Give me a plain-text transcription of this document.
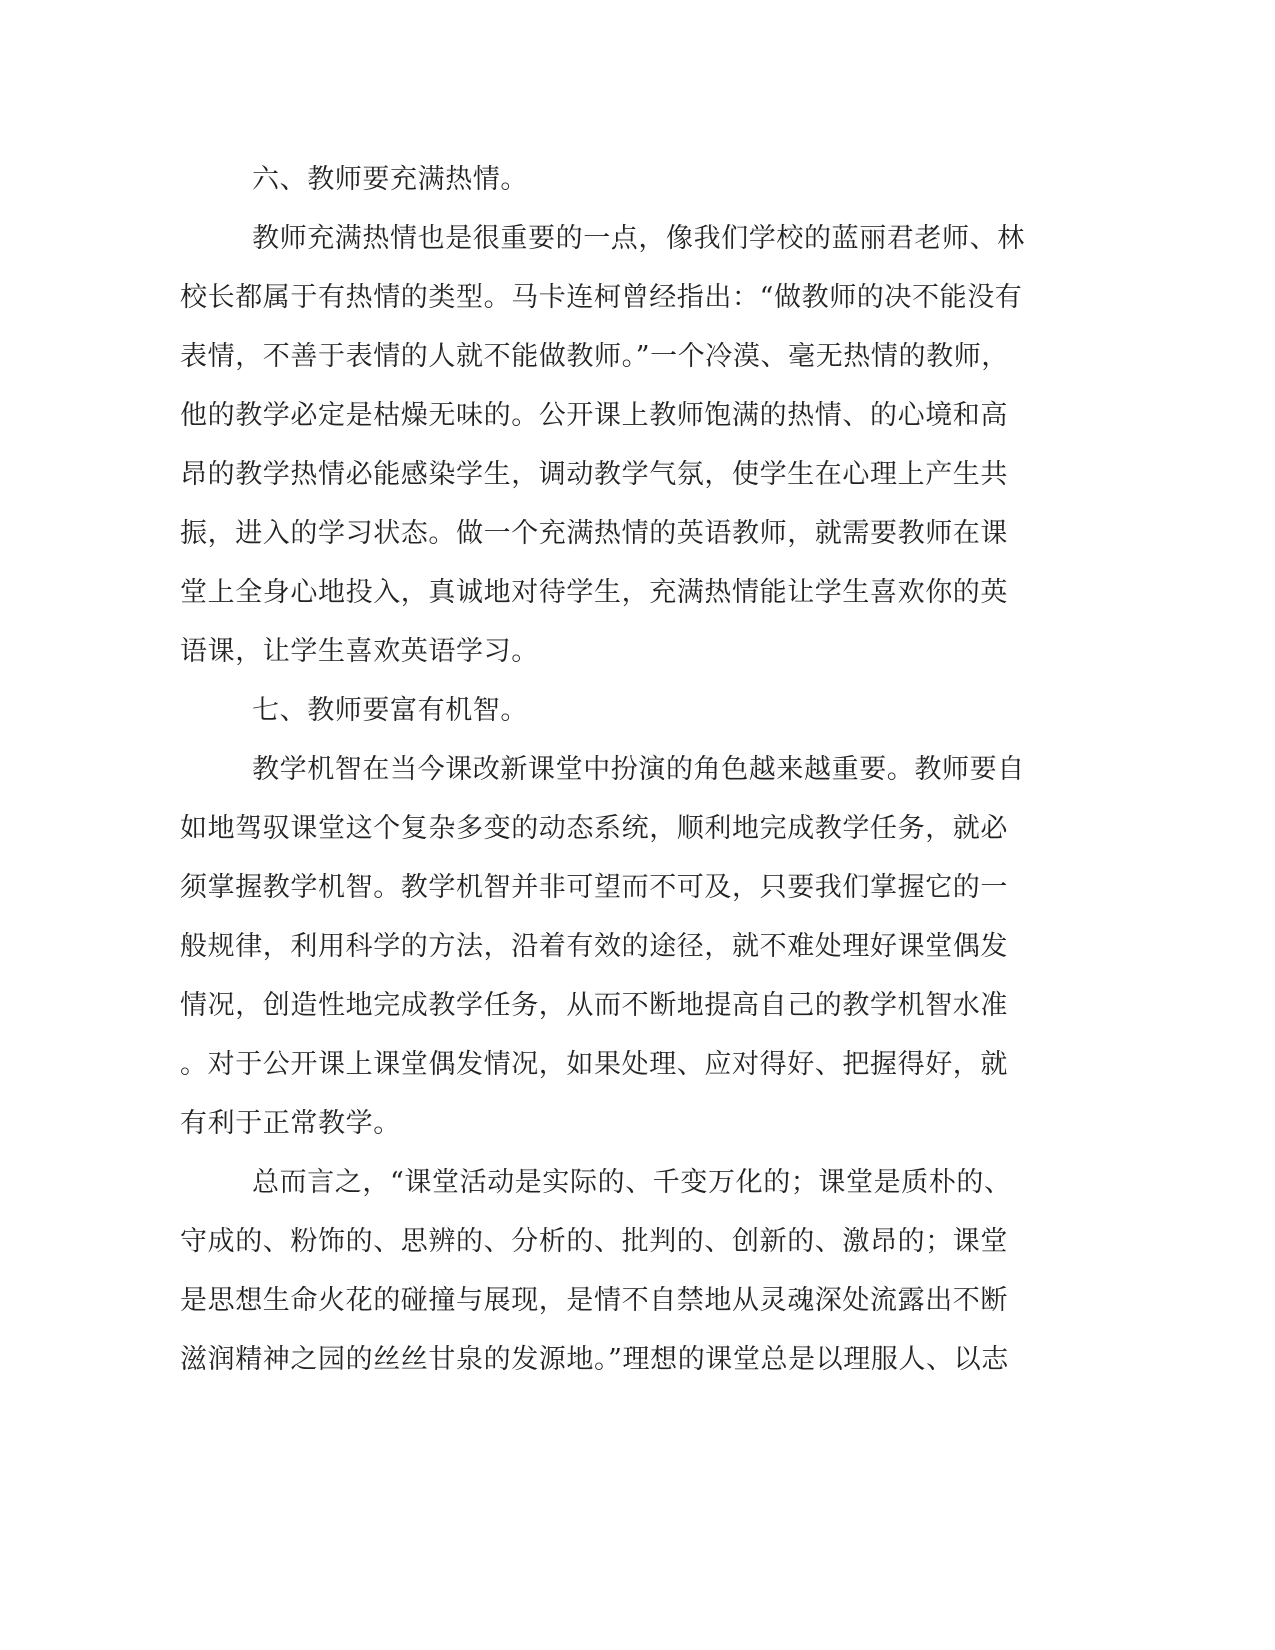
六、教师要充满热情。
教师充满热情也是很重要的一点，像我们学校的蓝丽君老师、林
校长都属于有热情的类型。马卡连柯曾经指出：“做教师的决不能没有
表情，不善于表情的人就不能做教师。”一个冷漠、毫无热情的教师，
他的教学必定是枯燥无味的。公开课上教师饱满的热情、的心境和高
昂的教学热情必能感染学生，调动教学气氛，使学生在心理上产生共
振，进入的学习状态。做一个充满热情的英语教师，就需要教师在课
堂上全身心地投入，真诚地对待学生，充满热情能让学生喜欢你的英
语课，让学生喜欢英语学习。
七、教师要富有机智。
教学机智在当今课改新课堂中扮演的角色越来越重要。教师要自
如地驾驭课堂这个复杂多变的动态系统，顺利地完成教学任务，就必
须掌握教学机智。教学机智并非可望而不可及，只要我们掌握它的一
般规律，利用科学的方法，沿着有效的途径，就不难处理好课堂偶发
情况，创造性地完成教学任务，从而不断地提高自己的教学机智水准
。对于公开课上课堂偶发情况，如果处理、应对得好、把握得好，就
有利于正常教学。
总而言之，“课堂活动是实际的、千变万化的；课堂是质朴的、
守成的、粉饰的、思辨的、分析的、批判的、创新的、激昂的；课堂
是思想生命火花的碰撞与展现，是情不自禁地从灵魂深处流露出不断
滋润精神之园的丝丝甘泉的发源地。”理想的课堂总是以理服人、以志
